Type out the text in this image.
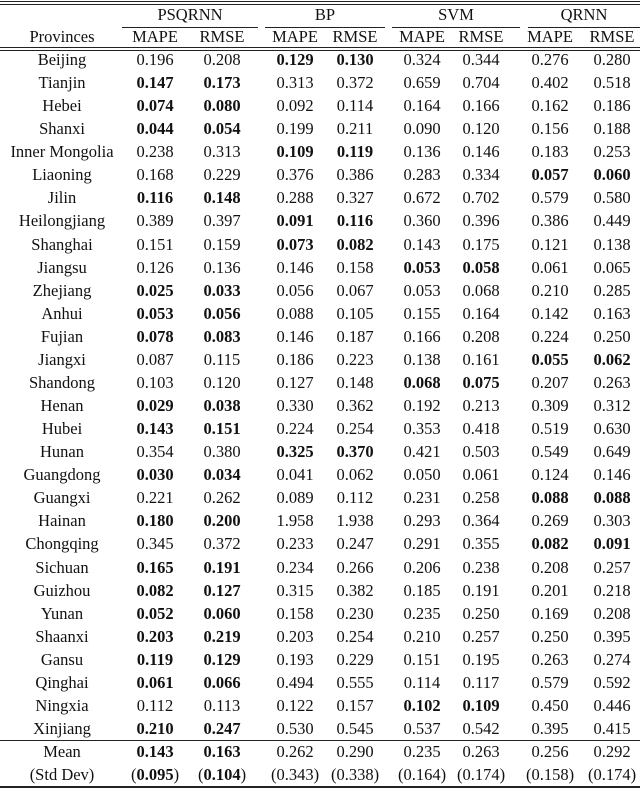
PSQRNN	BP	SVM	QRNN
Provinces	MAPE	RMSE	MAPE RMSE	MAPE RMSE	MAPE	RMSE
Beijing	0.196	0.208	0.129	0.130	0.324	0.344	0.276	0.280
Tianjin	0.147	0.173	0.313	0.372	0.659	0.704	0.402	0.518
Hebei	0.074	0.080	0.092	0.114	0.164	0.166	0.162	0.186
Shanxi	0.044	0.054	0.199	0.211	0.090	0.120	0.156	0.188
Inner Mongolia	0.238	0.313	0.109	0.119	0.136	0.146	0.183	0.253
Liaoning	0.168	0.229	0.376	0.386	0.283	0.334	0.057	0.060
Jilin	0.116	0.148	0.288	0.327	0.672	0.702	0.579	0.580
Heilongjiang	0.389	0.397	0.091	0.116	0.360	0.396	0.386	0.449
Shanghai	0.151	0.159	0.073	0.082	0.143	0.175	0.121	0.138
Jiangsu	0.126	0.136	0.146	0.158	0.053	0.058	0.061	0.065
Zhejiang	0.025	0.033	0.056	0.067	0.053	0.068	0.210	0.285
Anhui	0.053	0.056	0.088	0.105	0.155	0.164	0.142	0.163
Fujian	0.078	0.083	0.146	0.187	0.166	0.208	0.224	0.250
Jiangxi	0.087	0.115	0.186	0.223	0.138	0.161	0.055	0.062
Shandong	0.103	0.120	0.127	0.148	0.068	0.075	0.207	0.263
Henan	0.029	0.038	0.330	0.362	0.192	0.213	0.309	0.312
Hubei	0.143	0.151	0.224	0.254	0.353	0.418	0.519	0.630
Hunan	0.354	0.380	0.325	0.370	0.421	0.503	0.549	0.649
Guangdong	0.030	0.034	0.041	0.062	0.050	0.061	0.124	0.146
Guangxi	0.221	0.262	0.089	0.112	0.231	0.258	0.088	0.088
Hainan	0.180	0.200	1.958	1.938	0.293	0.364	0.269	0.303
Chongqing	0.345	0.372	0.233	0.247	0.291	0.355	0.082	0.091
Sichuan	0.165	0.191	0.234	0.266	0.206	0.238	0.208	0.257
Guizhou	0.082	0.127	0.315	0.382	0.185	0.191	0.201	0.218
Yunan	0.052	0.060	0.158	0.230	0.235	0.250	0.169	0.208
Shaanxi	0.203	0.219	0.203	0.254	0.210	0.257	0.250	0.395
Gansu	0.119	0.129	0.193	0.229	0.151	0.195	0.263	0.274
Qinghai	0.061	0.066	0.494	0.555	0.114	0.117	0.579	0.592
Ningxia	0.112	0.113	0.122	0.157	0.102	0.109	0.450	0.446
Xinjiang	0.210	0.247	0.530	0.545	0.537	0.542	0.395	0.415
Mean	0.143	0.163	0.262	0.290	0.235	0.263	0.256	0.292
(Std Dev)	(0.095)	(0.104)	(0.343) (0.338)	(0.164) (0.174)	(0.158) (0.174)
